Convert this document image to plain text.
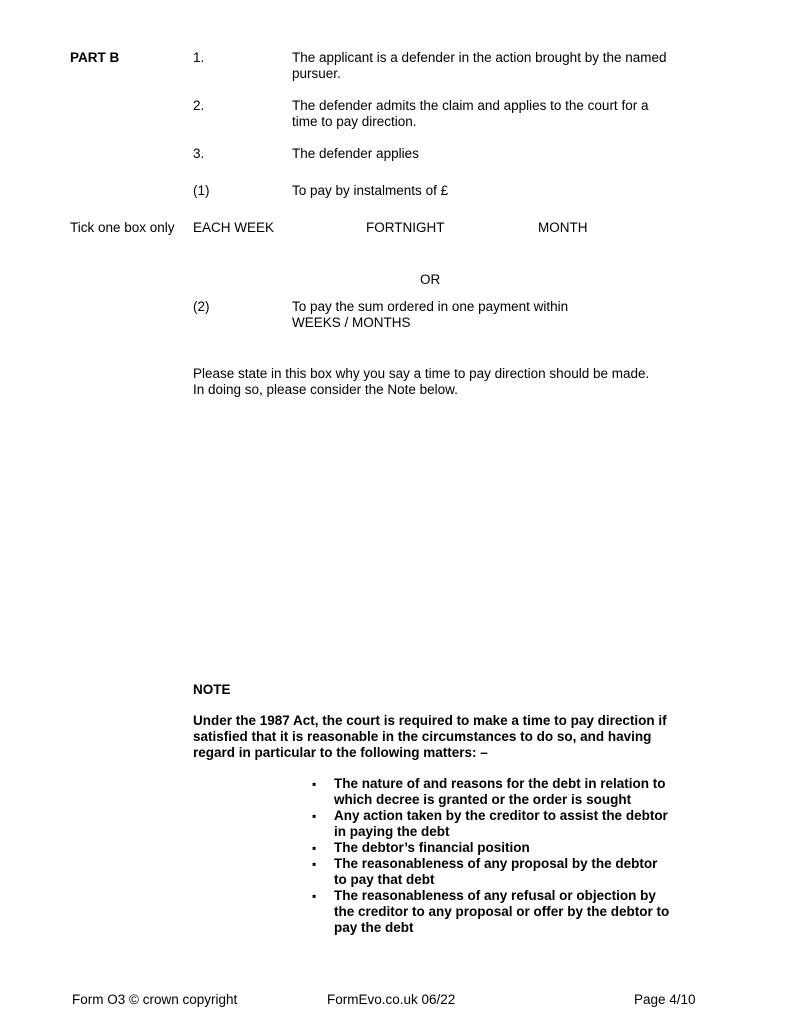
PART B	1.	The applicant is a defender in the action brought by the named pursuer.
2.	The defender admits the claim and applies to the court for a time to pay direction.
3.	The defender applies
(1)	To pay by instalments of £
Tick one box only EACH WEEK	FORTNIGHT	MONTH
OR
(2)	To pay the sum ordered in one payment within
WEEKS / MONTHS
Please state in this box why you say a time to pay direction should be made.
In doing so, please consider the Note below.
NOTE
Under the 1987 Act, the court is required to make a time to pay direction if satisfied that it is reasonable in the circumstances to do so, and having regard in particular to the following matters: –
▪ The nature of and reasons for the debt in relation to which decree is granted or the order is sought
▪ Any action taken by the creditor to assist the debtor in paying the debt
▪ The debtor’s financial position
▪ The reasonableness of any proposal by the debtor to pay that debt
▪ The reasonableness of any refusal or objection by the creditor to any proposal or offer by the debtor to pay the debt
Form O3 © crown copyright	FormEvo.co.uk 06/22	Page 4/10
